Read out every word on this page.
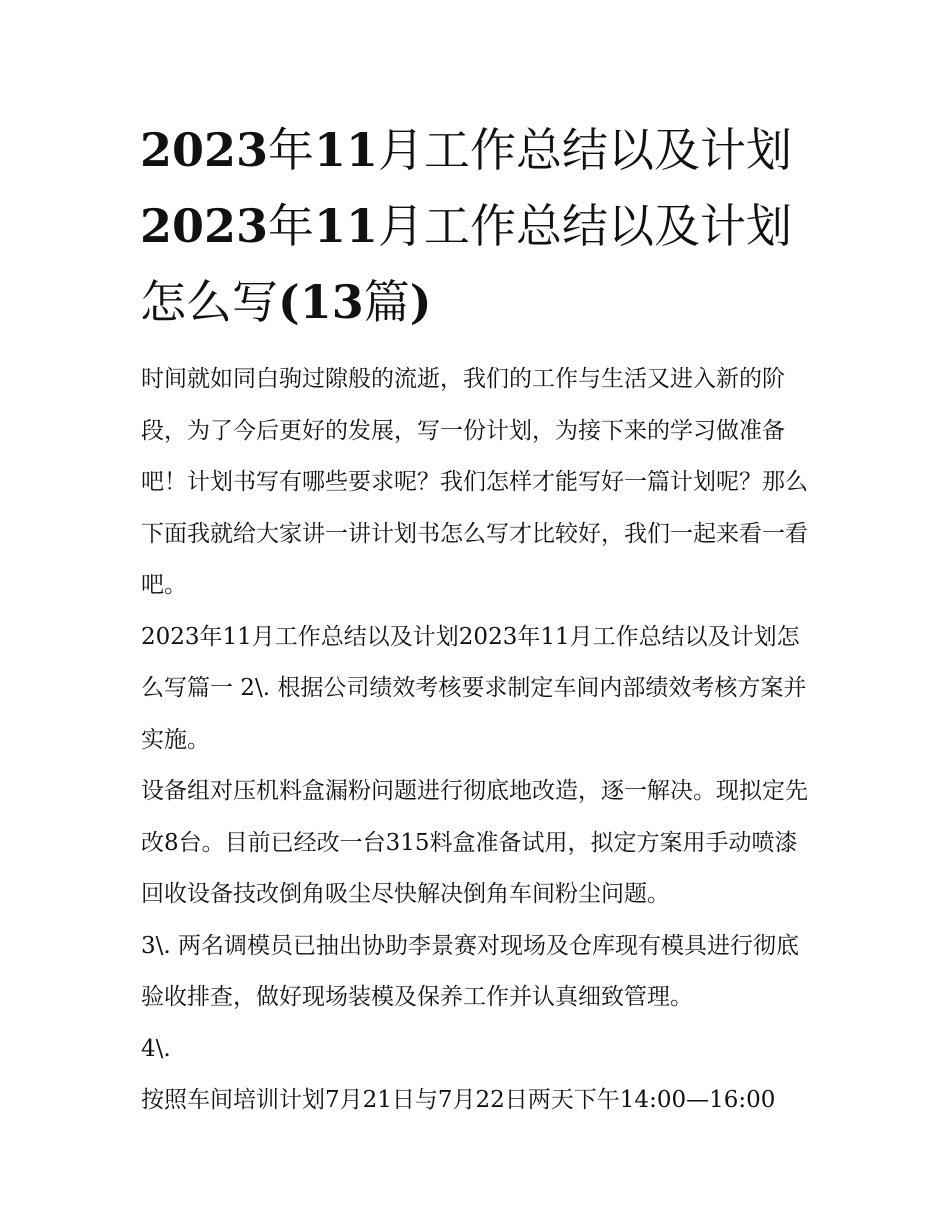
2023年11月工作总结以及计划2023年11月工作总结以及计划怎么写(13篇)

时间就如同白驹过隙般的流逝，我们的工作与生活又进入新的阶段，为了今后更好的发展，写一份计划，为接下来的学习做准备吧！计划书写有哪些要求呢？我们怎样才能写好一篇计划呢？那么下面我就给大家讲一讲计划书怎么写才比较好，我们一起来看一看吧。

2023年11月工作总结以及计划2023年11月工作总结以及计划怎么写篇一 2\. 根据公司绩效考核要求制定车间内部绩效考核方案并实施。

设备组对压机料盒漏粉问题进行彻底地改造，逐一解决。现拟定先改8台。目前已经改一台315料盒准备试用，拟定方案用手动喷漆回收设备技改倒角吸尘尽快解决倒角车间粉尘问题。

3\. 两名调模员已抽出协助李景赛对现场及仓库现有模具进行彻底验收排查，做好现场装模及保养工作并认真细致管理。

4\.

按照车间培训计划7月21日与7月22日两天下午14:00—16:00
